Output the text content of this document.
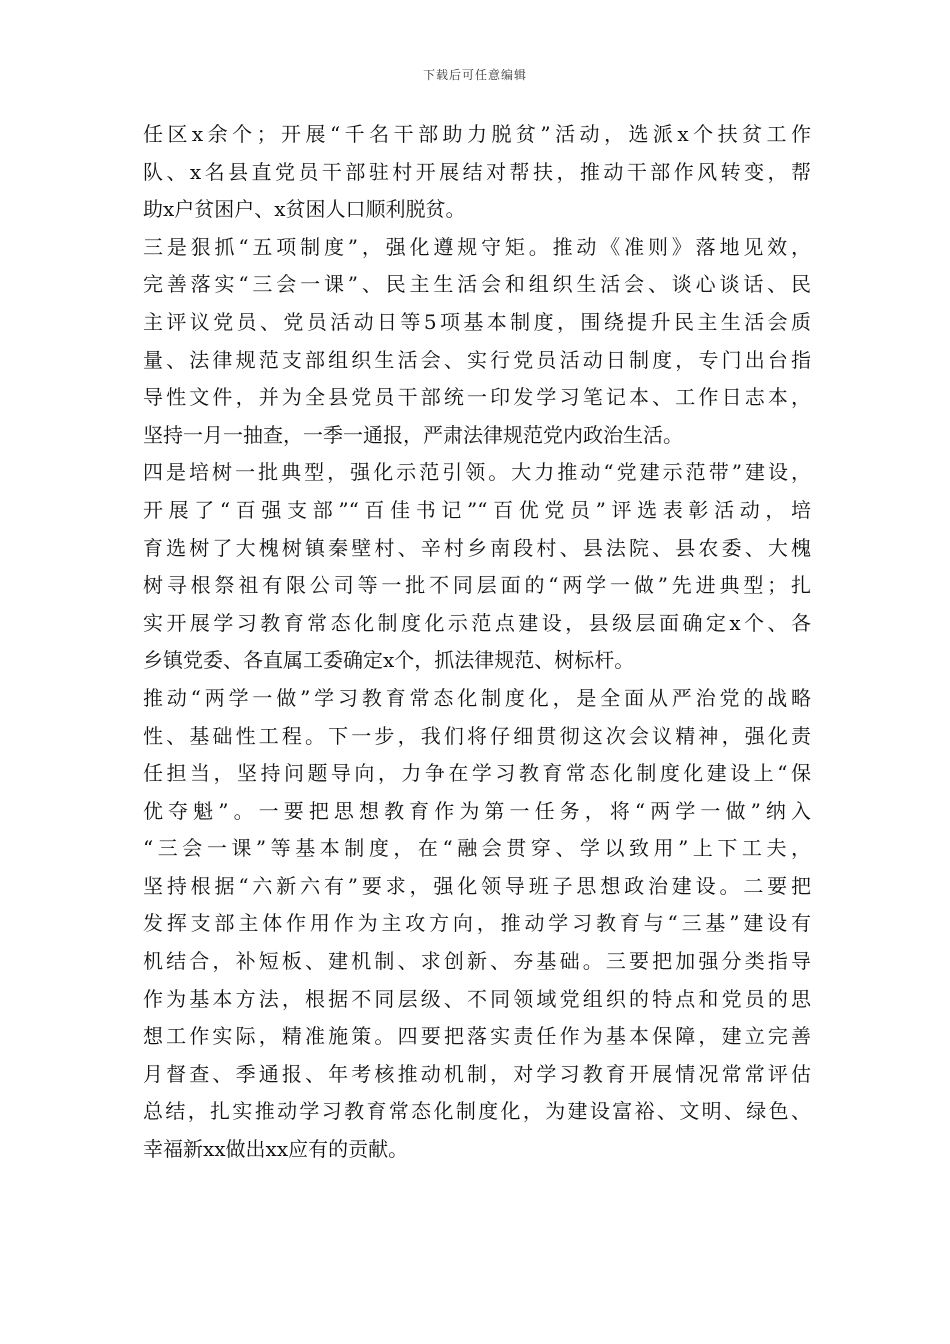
下载后可任意编辑
任区x余个；开展“千名干部助力脱贫”活动，选派x个扶贫工作
队、x名县直党员干部驻村开展结对帮扶，推动干部作风转变，帮
助x户贫困户、x贫困人口顺利脱贫。
三是狠抓“五项制度”，强化遵规守矩。推动《准则》落地见效，
完善落实“三会一课”、民主生活会和组织生活会、谈心谈话、民
主评议党员、党员活动日等5项基本制度，围绕提升民主生活会质
量、法律规范支部组织生活会、实行党员活动日制度，专门出台指
导性文件，并为全县党员干部统一印发学习笔记本、工作日志本，
坚持一月一抽查，一季一通报，严肃法律规范党内政治生活。
四是培树一批典型，强化示范引领。大力推动“党建示范带”建设，
开展了“百强支部”“百佳书记”“百优党员”评选表彰活动，培
育选树了大槐树镇秦壁村、辛村乡南段村、县法院、县农委、大槐
树寻根祭祖有限公司等一批不同层面的“两学一做”先进典型；扎
实开展学习教育常态化制度化示范点建设，县级层面确定x个、各
乡镇党委、各直属工委确定x个，抓法律规范、树标杆。
推动“两学一做”学习教育常态化制度化，是全面从严治党的战略
性、基础性工程。下一步，我们将仔细贯彻这次会议精神，强化责
任担当，坚持问题导向，力争在学习教育常态化制度化建设上“保
优夺魁”。一要把思想教育作为第一任务，将“两学一做”纳入
“三会一课”等基本制度，在“融会贯穿、学以致用”上下工夫，
坚持根据“六新六有”要求，强化领导班子思想政治建设。二要把
发挥支部主体作用作为主攻方向，推动学习教育与“三基”建设有
机结合，补短板、建机制、求创新、夯基础。三要把加强分类指导
作为基本方法，根据不同层级、不同领域党组织的特点和党员的思
想工作实际，精准施策。四要把落实责任作为基本保障，建立完善
月督查、季通报、年考核推动机制，对学习教育开展情况常常评估
总结，扎实推动学习教育常态化制度化，为建设富裕、文明、绿色、
幸福新xx做出xx应有的贡献。
